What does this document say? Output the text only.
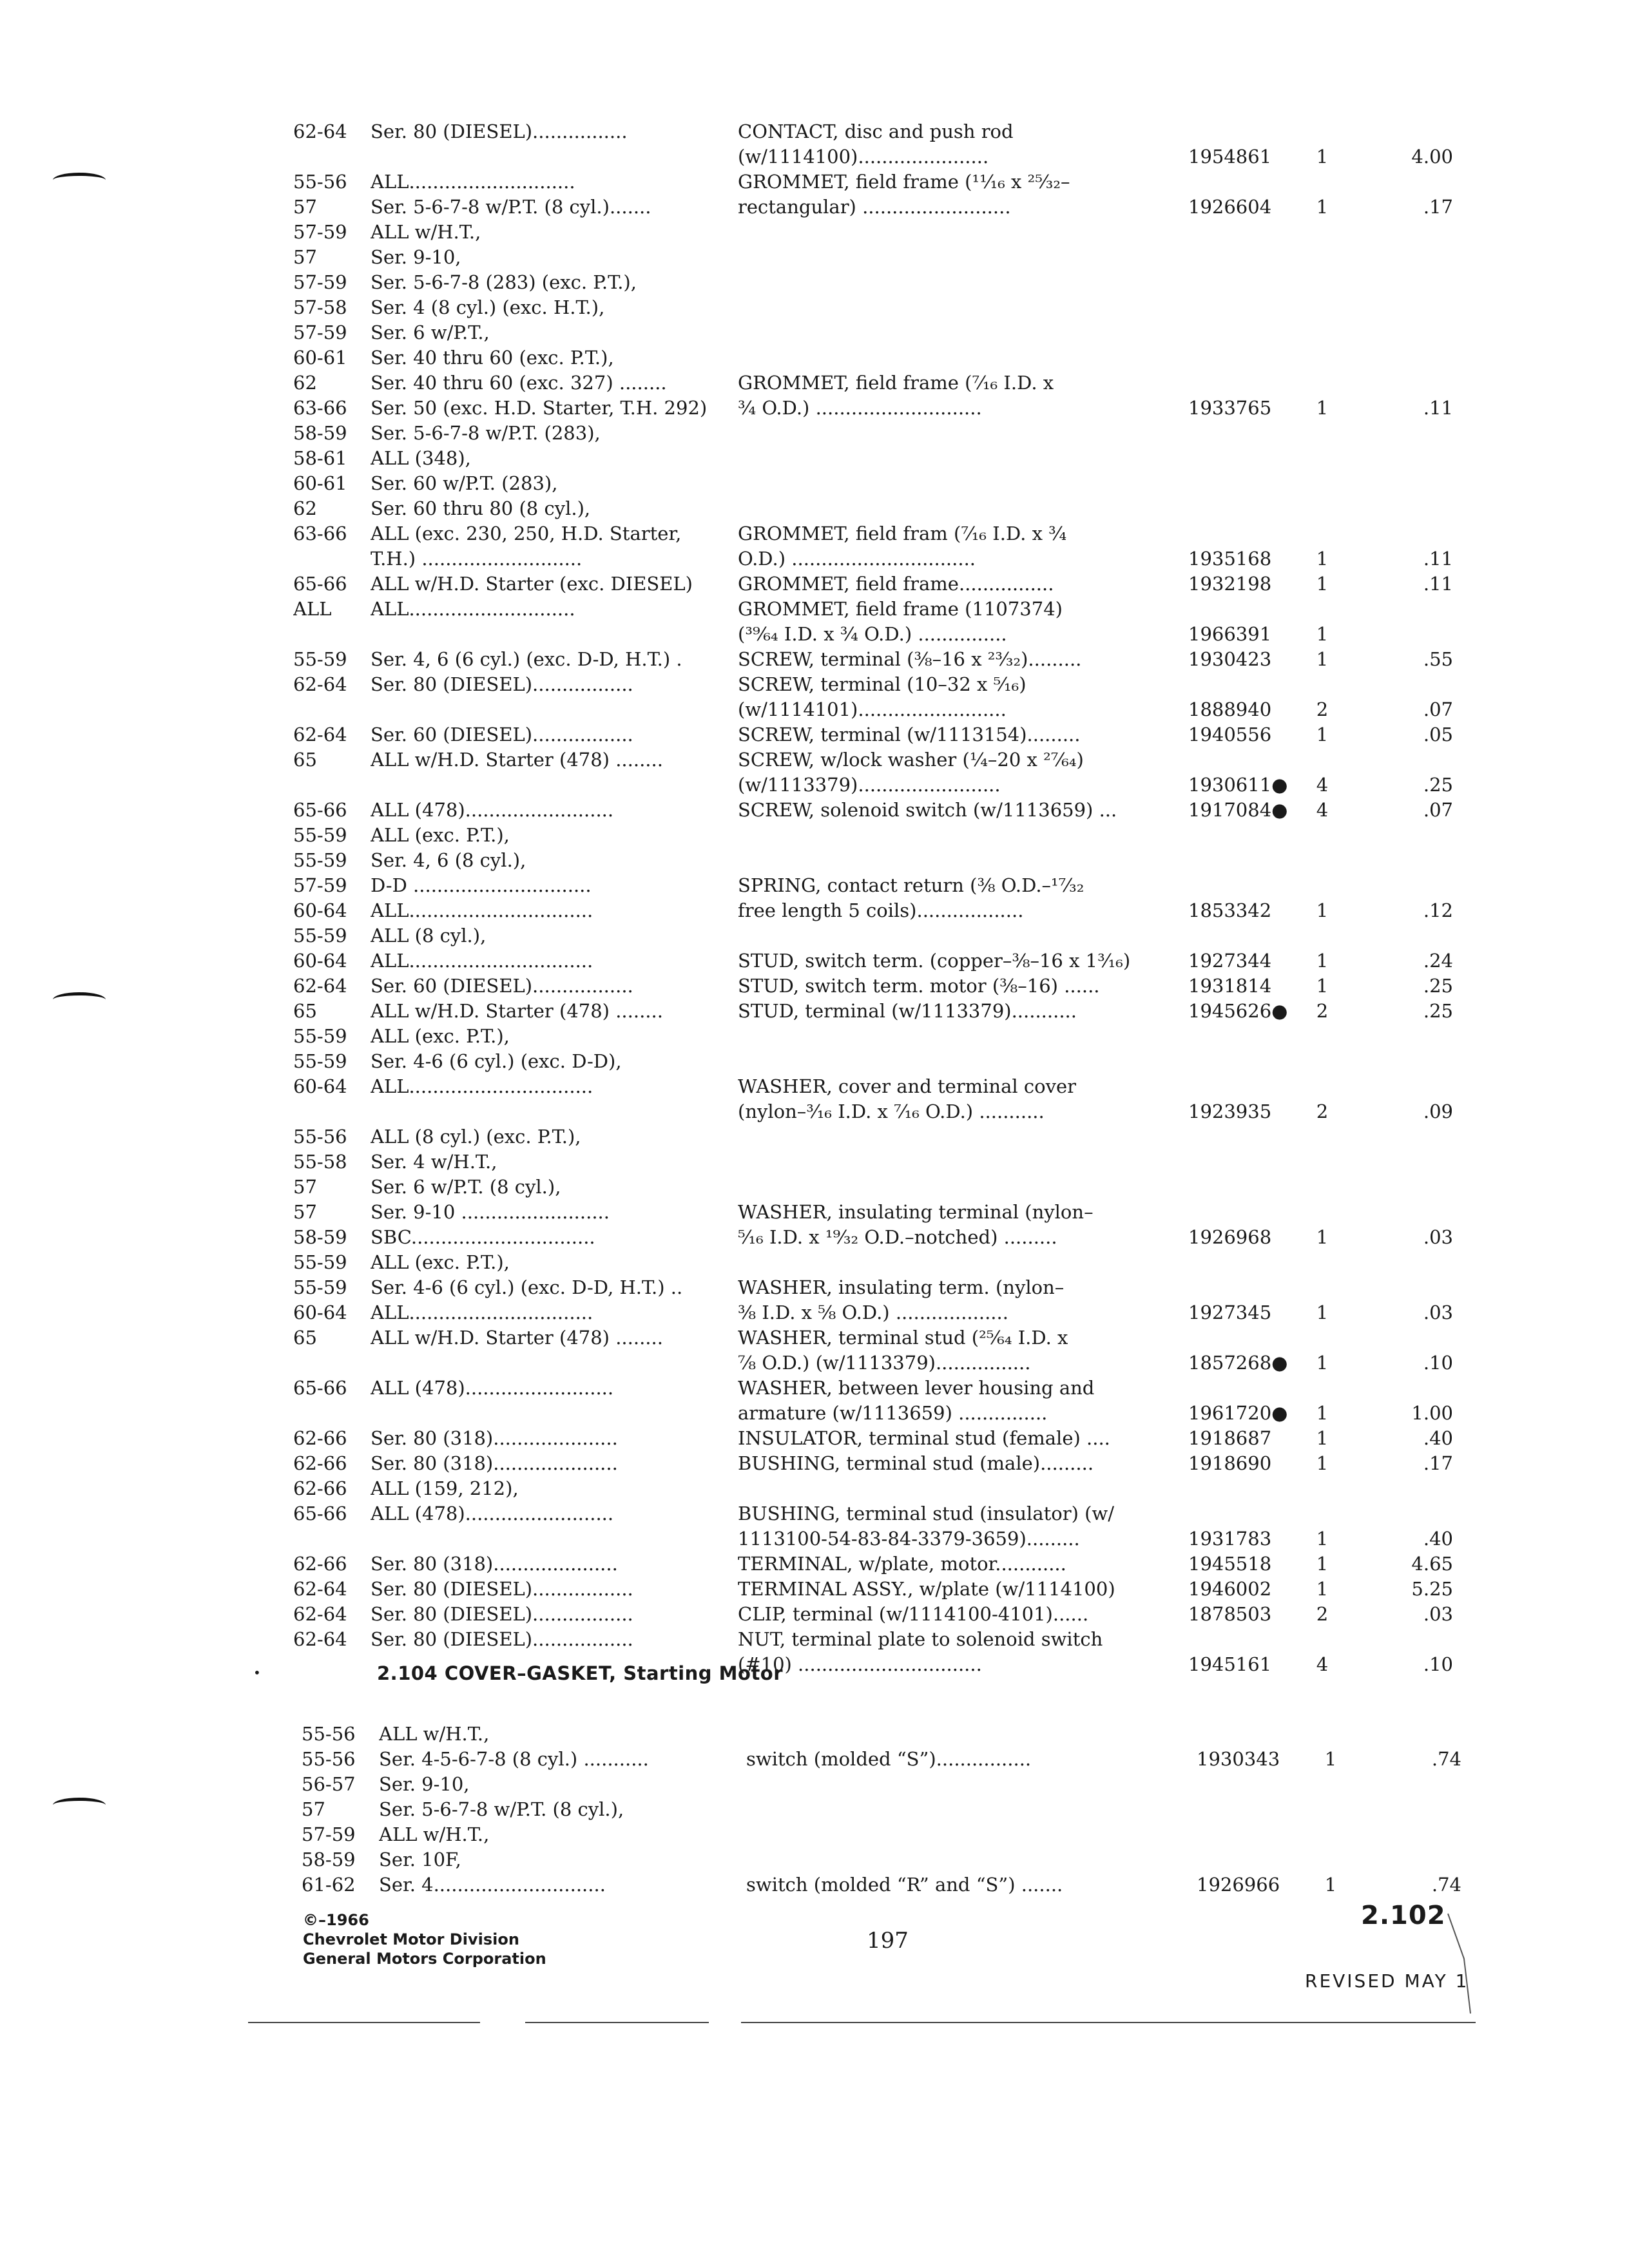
62-64	Ser. 80 (DIESEL)................	CONTACT, disc and push rod
(w/1114100)......................	1954861	1	4.00
55-56	ALL............................	GROMMET, field frame (¹¹⁄₁₆ x ²⁵⁄₃₂–
57	Ser. 5-6-7-8 w/P.T. (8 cyl.).......	rectangular) .........................	1926604	1	.17
57-59	ALL w/H.T.,
57	Ser. 9-10,
57-59	Ser. 5-6-7-8 (283) (exc. P.T.),
57-58	Ser. 4 (8 cyl.) (exc. H.T.),
57-59	Ser. 6 w/P.T.,
60-61	Ser. 40 thru 60 (exc. P.T.),
62	Ser. 40 thru 60 (exc. 327) ........	GROMMET, field frame (⁷⁄₁₆ I.D. x
63-66	Ser. 50 (exc. H.D. Starter, T.H. 292)	¾ O.D.) ............................	1933765	1	.11
58-59	Ser. 5-6-7-8 w/P.T. (283),
58-61	ALL (348),
60-61	Ser. 60 w/P.T. (283),
62	Ser. 60 thru 80 (8 cyl.),
63-66	ALL (exc. 230, 250, H.D. Starter,	GROMMET, field fram (⁷⁄₁₆ I.D. x ¾
T.H.) ...........................	O.D.) ...............................	1935168	1	.11
65-66	ALL w/H.D. Starter (exc. DIESEL)	GROMMET, field frame................	1932198	1	.11
ALL	ALL............................	GROMMET, field frame (1107374)
(³⁹⁄₆₄ I.D. x ¾ O.D.) ...............	1966391	1
55-59	Ser. 4, 6 (6 cyl.) (exc. D-D, H.T.) .	SCREW, terminal (⅜–16 x ²³⁄₃₂).........	1930423	1	.55
62-64	Ser. 80 (DIESEL).................	SCREW, terminal (10–32 x ⁵⁄₁₆)
(w/1114101).........................	1888940	2	.07
62-64	Ser. 60 (DIESEL).................	SCREW, terminal (w/1113154).........	1940556	1	.05
65	ALL w/H.D. Starter (478) ........	SCREW, w/lock washer (¼–20 x ²⁷⁄₆₄)
(w/1113379)........................	1930611●	4	.25
65-66	ALL (478).........................	SCREW, solenoid switch (w/1113659) ...	1917084●	4	.07
55-59	ALL (exc. P.T.),
55-59	Ser. 4, 6 (8 cyl.),
57-59	D-D ..............................	SPRING, contact return (⅜ O.D.–¹⁷⁄₃₂
60-64	ALL...............................	free length 5 coils)..................	1853342	1	.12
55-59	ALL (8 cyl.),
60-64	ALL...............................	STUD, switch term. (copper–⅜–16 x 1³⁄₁₆)	1927344	1	.24
62-64	Ser. 60 (DIESEL).................	STUD, switch term. motor (⅜–16) ......	1931814	1	.25
65	ALL w/H.D. Starter (478) ........	STUD, terminal (w/1113379)...........	1945626●	2	.25
55-59	ALL (exc. P.T.),
55-59	Ser. 4-6 (6 cyl.) (exc. D-D),
60-64	ALL...............................	WASHER, cover and terminal cover
(nylon–³⁄₁₆ I.D. x ⁷⁄₁₆ O.D.) ...........	1923935	2	.09
55-56	ALL (8 cyl.) (exc. P.T.),
55-58	Ser. 4 w/H.T.,
57	Ser. 6 w/P.T. (8 cyl.),
57	Ser. 9-10 .........................	WASHER, insulating terminal (nylon–
58-59	SBC...............................	⁵⁄₁₆ I.D. x ¹⁹⁄₃₂ O.D.–notched) .........	1926968	1	.03
55-59	ALL (exc. P.T.),
55-59	Ser. 4-6 (6 cyl.) (exc. D-D, H.T.) ..	WASHER, insulating term. (nylon–
60-64	ALL...............................	⅜ I.D. x ⅝ O.D.) ...................	1927345	1	.03
65	ALL w/H.D. Starter (478) ........	WASHER, terminal stud (²⁵⁄₆₄ I.D. x
⅞ O.D.) (w/1113379)................	1857268●	1	.10
65-66	ALL (478).........................	WASHER, between lever housing and
armature (w/1113659) ...............	1961720●	1	1.00
62-66	Ser. 80 (318).....................	INSULATOR, terminal stud (female) ....	1918687	1	.40
62-66	Ser. 80 (318).....................	BUSHING, terminal stud (male).........	1918690	1	.17
62-66	ALL (159, 212),
65-66	ALL (478).........................	BUSHING, terminal stud (insulator) (w/
1113100-54-83-84-3379-3659).........	1931783	1	.40
62-66	Ser. 80 (318).....................	TERMINAL, w/plate, motor............	1945518	1	4.65
62-64	Ser. 80 (DIESEL).................	TERMINAL ASSY., w/plate (w/1114100)	1946002	1	5.25
62-64	Ser. 80 (DIESEL).................	CLIP, terminal (w/1114100-4101)......	1878503	2	.03
62-64	Ser. 80 (DIESEL).................	NUT, terminal plate to solenoid switch
(#10) ...............................	1945161	4	.10
•	2.104 COVER–GASKET, Starting Motor
55-56	ALL w/H.T.,
55-56	Ser. 4-5-6-7-8 (8 cyl.) ...........	switch (molded “S”)................	1930343	1	.74
56-57	Ser. 9-10,
57	Ser. 5-6-7-8 w/P.T. (8 cyl.),
57-59	ALL w/H.T.,
58-59	Ser. 10F,
61-62	Ser. 4.............................	switch (molded “R” and “S”) .......	1926966	1	.74
©–1966
Chevrolet Motor Division
General Motors Corporation
197
2.102
REVISED MAY 1
